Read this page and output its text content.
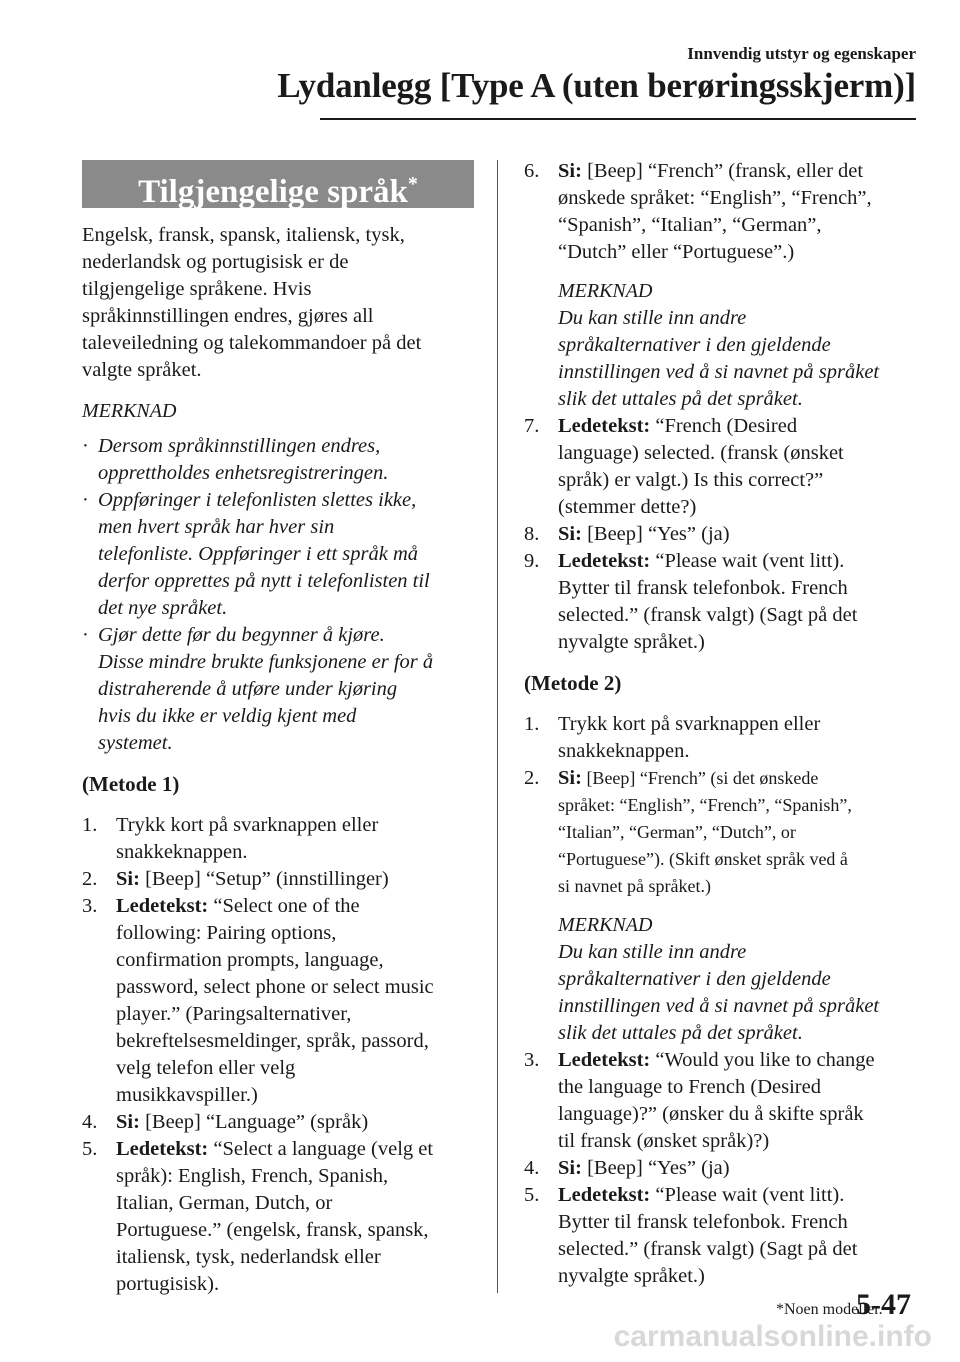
Innvendig utstyr og egenskaper
Lydanlegg [Type A (uten berøringsskjerm)]
Tilgjengelige språk*

Engelsk, fransk, spansk, italiensk, tysk,

nederlandsk og portugisisk er de

tilgjengelige språkene. Hvis

språkinnstillingen endres, gjøres all

taleveiledning og talekommandoer på det

valgte språket.

MERKNAD

· Dersom språkinnstillingen endres,
opprettholdes enhetsregistreringen.
· Oppføringer i telefonlisten slettes ikke,
men hvert språk har hver sin
telefonliste. Oppføringer i ett språk må
derfor opprettes på nytt i telefonlisten til
det nye språket.
· Gjør dette før du begynner å kjøre.
Disse mindre brukte funksjonene er for å
distraherende å utføre under kjøring
hvis du ikke er veldig kjent med
systemet.

(Metode 1)

1. Trykk kort på svarknappen eller
snakkeknappen.
2. Si: [Beep] “Setup” (innstillinger)
3. Ledetekst: “Select one of the
following: Pairing options,
confirmation prompts, language,
password, select phone or select music
player.” (Paringsalternativer,
bekreftelsesmeldinger, språk, passord,
velg telefon eller velg
musikkavspiller.)
4. Si: [Beep] “Language” (språk)
5. Ledetekst: “Select a language (velg et
språk): English, French, Spanish,
Italian, German, Dutch, or
Portuguese.” (engelsk, fransk, spansk,
italiensk, tysk, nederlandsk eller
portugisisk).
6. Si: [Beep] “French” (fransk, eller det
ønskede språket: “English”, “French”,
“Spanish”, “Italian”, “German”,
“Dutch” eller “Portuguese”.)

MERKNAD

Du kan stille inn andre

språkalternativer i den gjeldende

innstillingen ved å si navnet på språket

slik det uttales på det språket.

7. Ledetekst: “French (Desired
language) selected. (fransk (ønsket
språk) er valgt.) Is this correct?”
(stemmer dette?)
8. Si: [Beep] “Yes” (ja)
9. Ledetekst: “Please wait (vent litt).
Bytter til fransk telefonbok. French
selected.” (fransk valgt) (Sagt på det
nyvalgte språket.)

(Metode 2)

1. Trykk kort på svarknappen eller
snakkeknappen.
2. Si: [Beep] “French” (si det ønskede
språket: “English”, “French”, “Spanish”,
“Italian”, “German”, “Dutch”, or
“Portuguese”). (Skift ønsket språk ved å
si navnet på språket.)

MERKNAD

Du kan stille inn andre

språkalternativer i den gjeldende

innstillingen ved å si navnet på språket

slik det uttales på det språket.

3. Ledetekst: “Would you like to change
the language to French (Desired
language)?” (ønsker du å skifte språk
til fransk (ønsket språk)?)
4. Si: [Beep] “Yes” (ja)
5. Ledetekst: “Please wait (vent litt).
Bytter til fransk telefonbok. French
selected.” (fransk valgt) (Sagt på det
nyvalgte språket.)
*Noen modeller.
5-47
carmanualsonline.info
